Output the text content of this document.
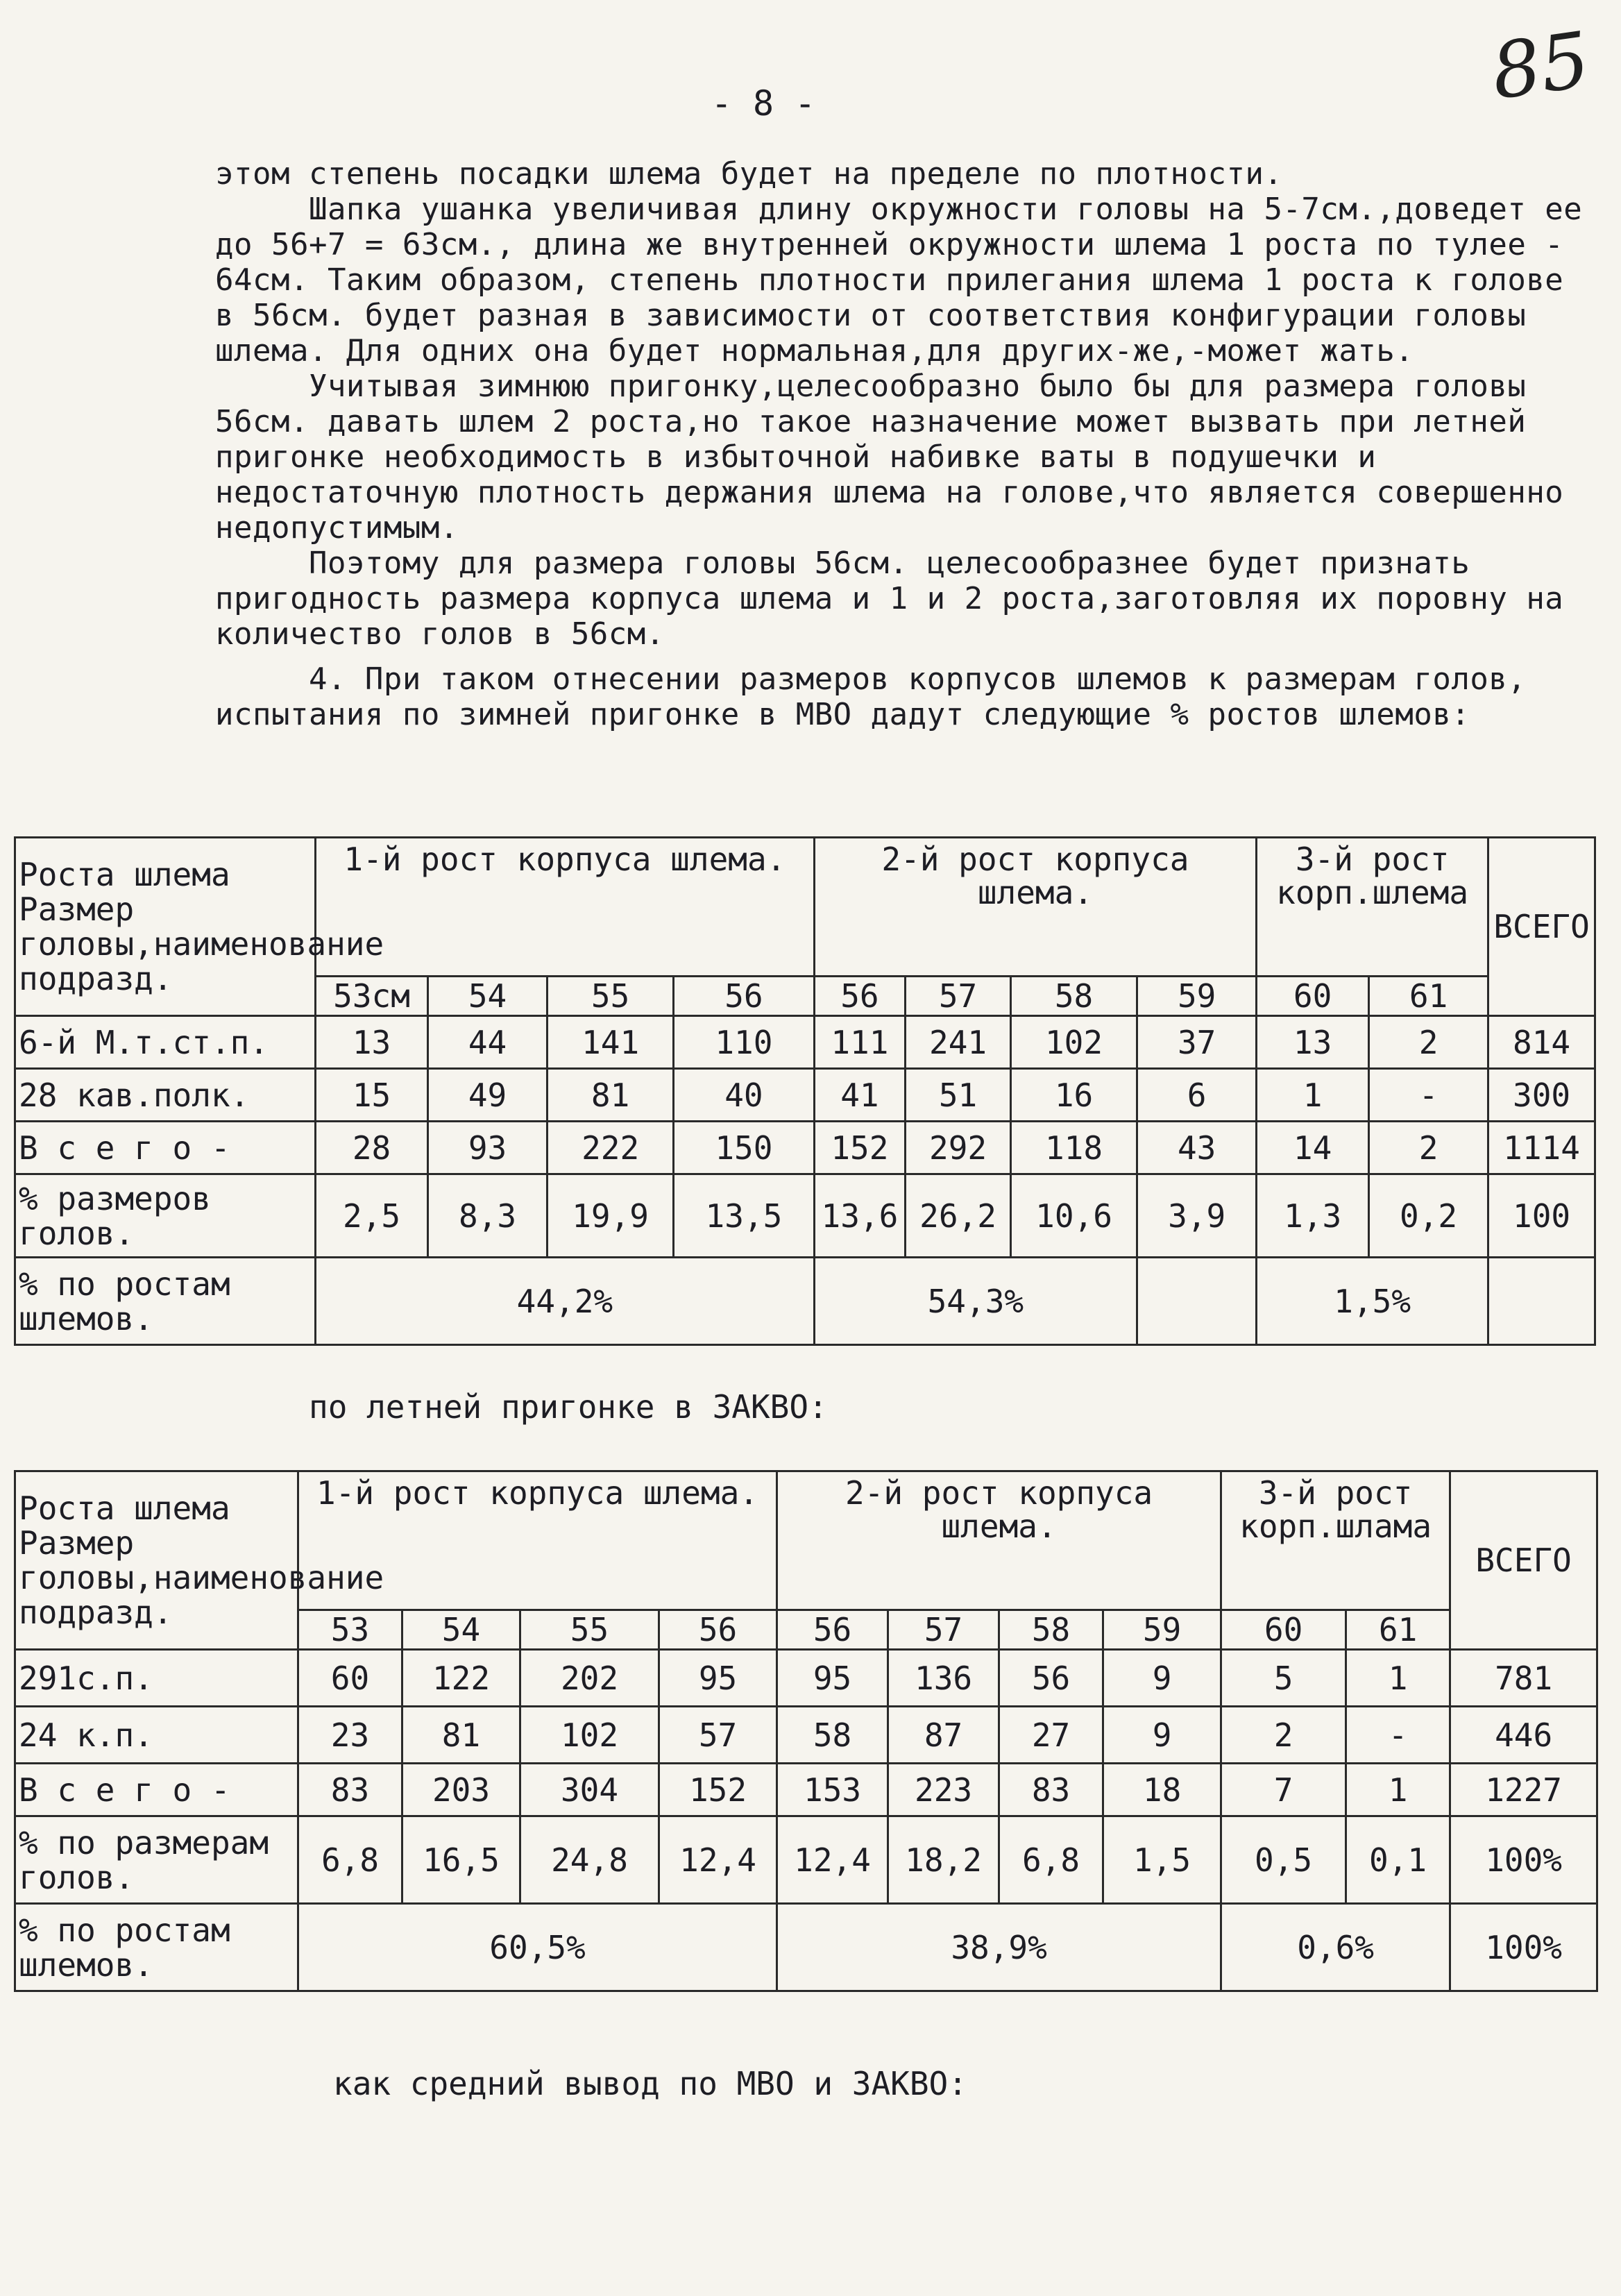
85
- 8 -

этом степень посадки шлема будет на пределе по плотности.

Шапка ушанка увеличивая длину окружности головы на 5-7см.,доведет ее до 56+7 = 63см., длина же внутренней окружности шлема 1 роста по тулее - 64см. Таким образом, степень плотности прилегания шлема 1 роста к голове в 56см. будет разная в зависимости от соответствия конфигурации головы шлема. Для одних она будет нормальная,для других-же,-может жать.

Учитывая зимнюю пригонку,целесообразно было бы для размера головы 56см. давать шлем 2 роста,но такое назначение может вызвать при летней пригонке необходимость в избыточной набивке ваты в подушечки и недостаточную плотность держания шлема на голове,что является совершенно недопустимым.

Поэтому для размера головы 56см. целесообразнее будет признать пригодность размера корпуса шлема и 1 и 2 роста,заготовляя их поровну на количество голов в 56см.

4. При таком отнесении размеров корпусов шлемов к размерам голов, испытания по зимней пригонке в МВО дадут следующие % ростов шлемов:

Роста шлема Размер головы,наименование подразд.	1-й рост корпуса шлема.				2-й рост корпуса шлема.				3-й рост корп.шлема		ВСЕГО
	53см	54	55	56	56	57	58	59	60	61	
6-й М.т.ст.п.	13	44	141	110	111	241	102	37	13	2	814
28 кав.полк.	15	49	81	40	41	51	16	6	1	-	300
В с е г о -	28	93	222	150	152	292	118	43	14	2	1114
% размеров голов.	2,5	8,3	19,9	13,5	13,6	26,2	10,6	3,9	1,3	0,2	100
% по ростам шлемов.	44,2%				54,3%				1,5%		
по летней пригонке в ЗАКВО:
Роста шлема Размер головы,наименование подразд.	1-й рост корпуса шлема.				2-й рост корпуса шлема.				3-й рост корп.шлама		ВСЕГО
	53	54	55	56	56	57	58	59	60	61	
291с.п.	60	122	202	95	95	136	56	9	5	1	781
24 к.п.	23	81	102	57	58	87	27	9	2	-	446
В с е г о -	83	203	304	152	153	223	83	18	7	1	1227
% по размерам голов.	6,8	16,5	24,8	12,4	12,4	18,2	6,8	1,5	0,5	0,1	100%
% по ростам шлемов.	60,5%				38,9%				0,6%		100%
как средний вывод по МВО и ЗАКВО:
